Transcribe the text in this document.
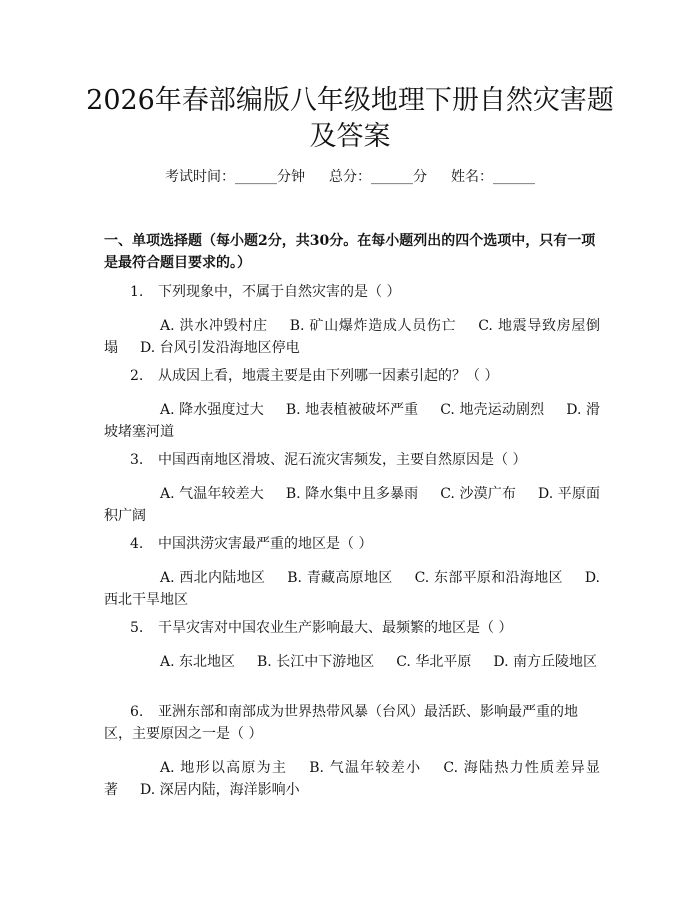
2026年春部编版八年级地理下册自然灾害题
及答案
考试时间：______分钟 总分：______分 姓名：______

一、单项选择题（每小题2分，共30分。在每小题列出的四个选项中，只有一项是最符合题目要求的。）

1. 下列现象中，不属于自然灾害的是（ ）

A. 洪水冲毁村庄 B. 矿山爆炸造成人员伤亡 C. 地震导致房屋倒塌 D. 台风引发沿海地区停电

2. 从成因上看，地震主要是由下列哪一因素引起的？（ ）

A. 降水强度过大 B. 地表植被破坏严重 C. 地壳运动剧烈 D. 滑坡堵塞河道

3. 中国西南地区滑坡、泥石流灾害频发，主要自然原因是（ ）

A. 气温年较差大 B. 降水集中且多暴雨 C. 沙漠广布 D. 平原面积广阔

4. 中国洪涝灾害最严重的地区是（ ）

A. 西北内陆地区 B. 青藏高原地区 C. 东部平原和沿海地区 D. 西北干旱地区

5. 干旱灾害对中国农业生产影响最大、最频繁的地区是（ ）

A. 东北地区 B. 长江中下游地区 C. 华北平原 D. 南方丘陵地区

6. 亚洲东部和南部成为世界热带风暴（台风）最活跃、影响最严重的地区，主要原因之一是（ ）

A. 地形以高原为主 B. 气温年较差小 C. 海陆热力性质差异显著 D. 深居内陆，海洋影响小
